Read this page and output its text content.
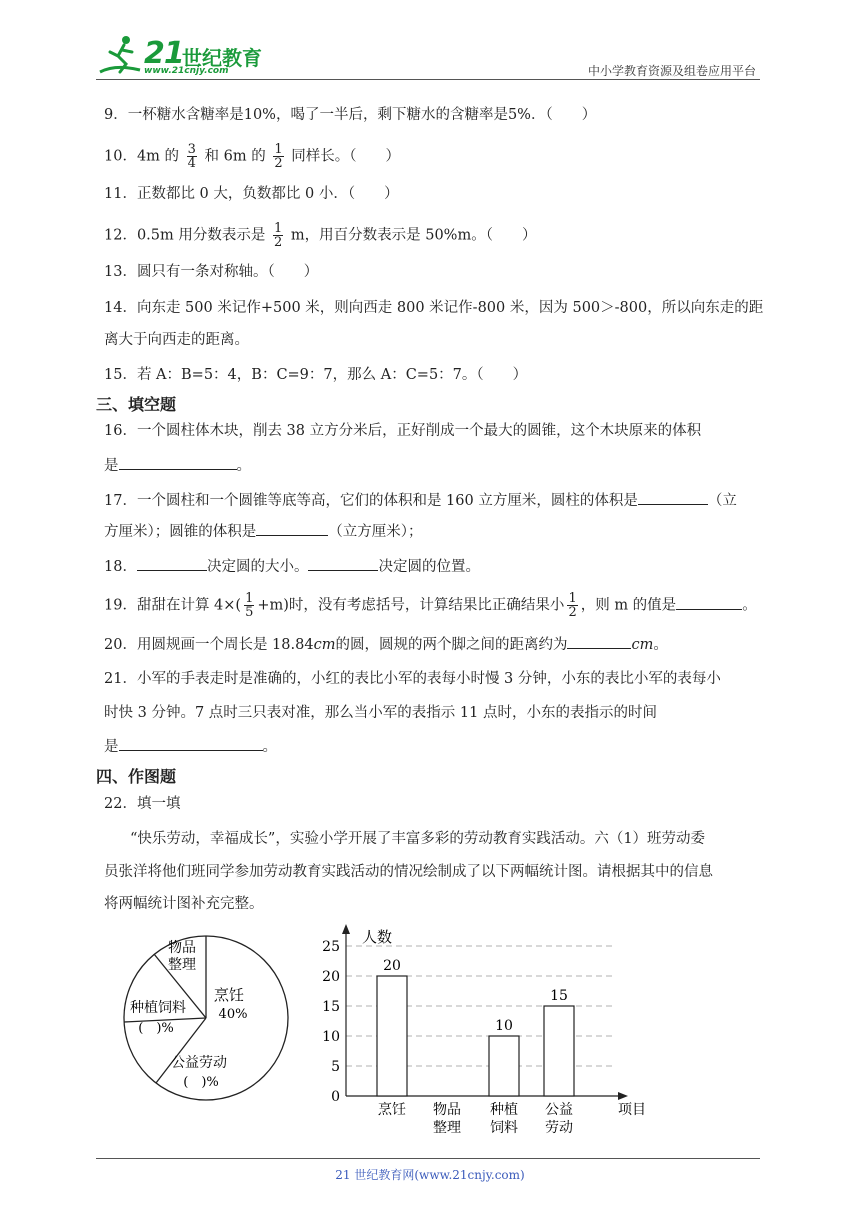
21
世纪教育
www.21cnjy.com	中小学教育资源及组卷应用平台
9．一杯糖水含糖率是10%，喝了一半后，剩下糖水的含糖率是5%．（　　）
10．4m 的 $\frac{3}{4}$ 和 6m 的 $\frac{1}{2}$ 同样长。（　　）
11．正数都比 0 大，负数都比 0 小．（　　）
12．0.5m 用分数表示是 $\frac{1}{2}$ m，用百分数表示是 50%m。（　　）
13．圆只有一条对称轴。（　　）
14．向东走 500 米记作+500 米，则向西走 800 米记作-800 米，因为 500＞-800，所以向东走的距
离大于向西走的距离。
15．若 A：B=5：4，B：C=9：7，那么 A：C=5：7。（　　）
三、填空题
16．一个圆柱体木块，削去 38 立方分米后，正好削成一个最大的圆锥，这个木块原来的体积
是	。
17．一个圆柱和一个圆锥等底等高，它们的体积和是 160 立方厘米，圆柱的体积是	（立
方厘米）；圆锥的体积是	（立方厘米）；
18．	决定圆的大小。	决定圆的位置。
19．甜甜在计算 $4\times( \frac{1}{5} +m)$时，没有考虑括号，计算结果比正确结果小 $\frac{1}{2}$ ，则 m 的值是	。
20．用圆规画一个周长是 18.84cm的圆，圆规的两个脚之间的距离约为	cm。
21．小军的手表走时是准确的，小红的表比小军的表每小时慢 3 分钟，小东的表比小军的表每小
时快 3 分钟。7 点时三只表对准，那么当小军的表指示 11 点时，小东的表指示的时间
是	。
四、作图题
22．填一填
“快乐劳动，幸福成长”，实验小学开展了丰富多彩的劳动教育实践活动。六（1）班劳动委
员张洋将他们班同学参加劳动教育实践活动的情况绘制成了以下两幅统计图。请根据其中的信息
将两幅统计图补充完整。
物品
整理
烹饪
40%
种植饲料
(　)%
公益劳动
(　)%
人数
项目
0
5
10
15
20
25
20
10
15
烹饪 物品
整理
种植
饲料
公益
劳动
21 世纪教育网(www.21cnjy.com)
